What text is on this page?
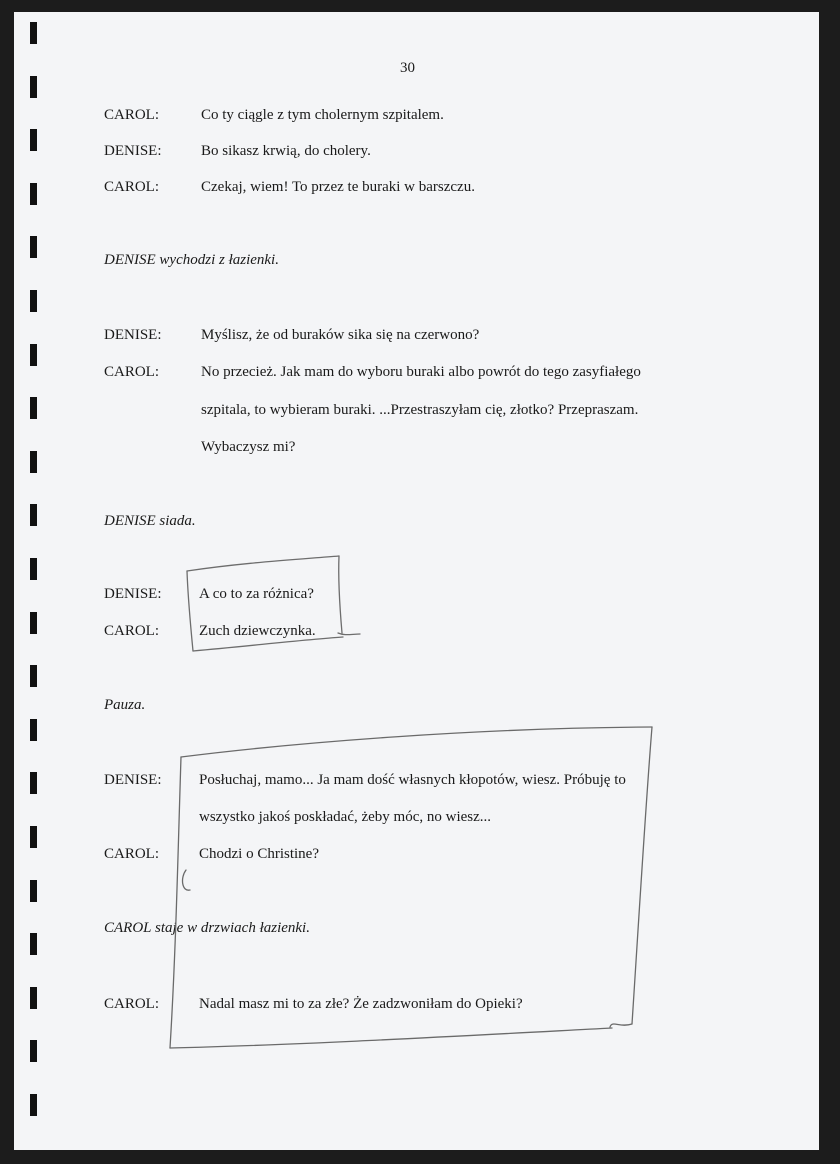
30
CAROL:	Co ty ciągle z tym cholernym szpitalem.
DENISE:	Bo sikasz krwią, do cholery.
CAROL:	Czekaj, wiem! To przez te buraki w barszczu.
DENISE wychodzi z łazienki.
DENISE:	Myślisz, że od buraków sika się na czerwono?
CAROL:	No przecież. Jak mam do wyboru buraki albo powrót do tego zasyfiałego
szpitala, to wybieram buraki. ...Przestraszyłam cię, złotko? Przepraszam.
Wybaczysz mi?
DENISE siada.
DENISE:	A co to za różnica?
CAROL:	Zuch dziewczynka.
Pauza.
DENISE:	Posłuchaj, mamo... Ja mam dość własnych kłopotów, wiesz. Próbuję to
wszystko jakoś poskładać, żeby móc, no wiesz...
CAROL:	Chodzi o Christine?
CAROL staje w drzwiach łazienki.
CAROL:	Nadal masz mi to za złe? Że zadzwoniłam do Opieki?
